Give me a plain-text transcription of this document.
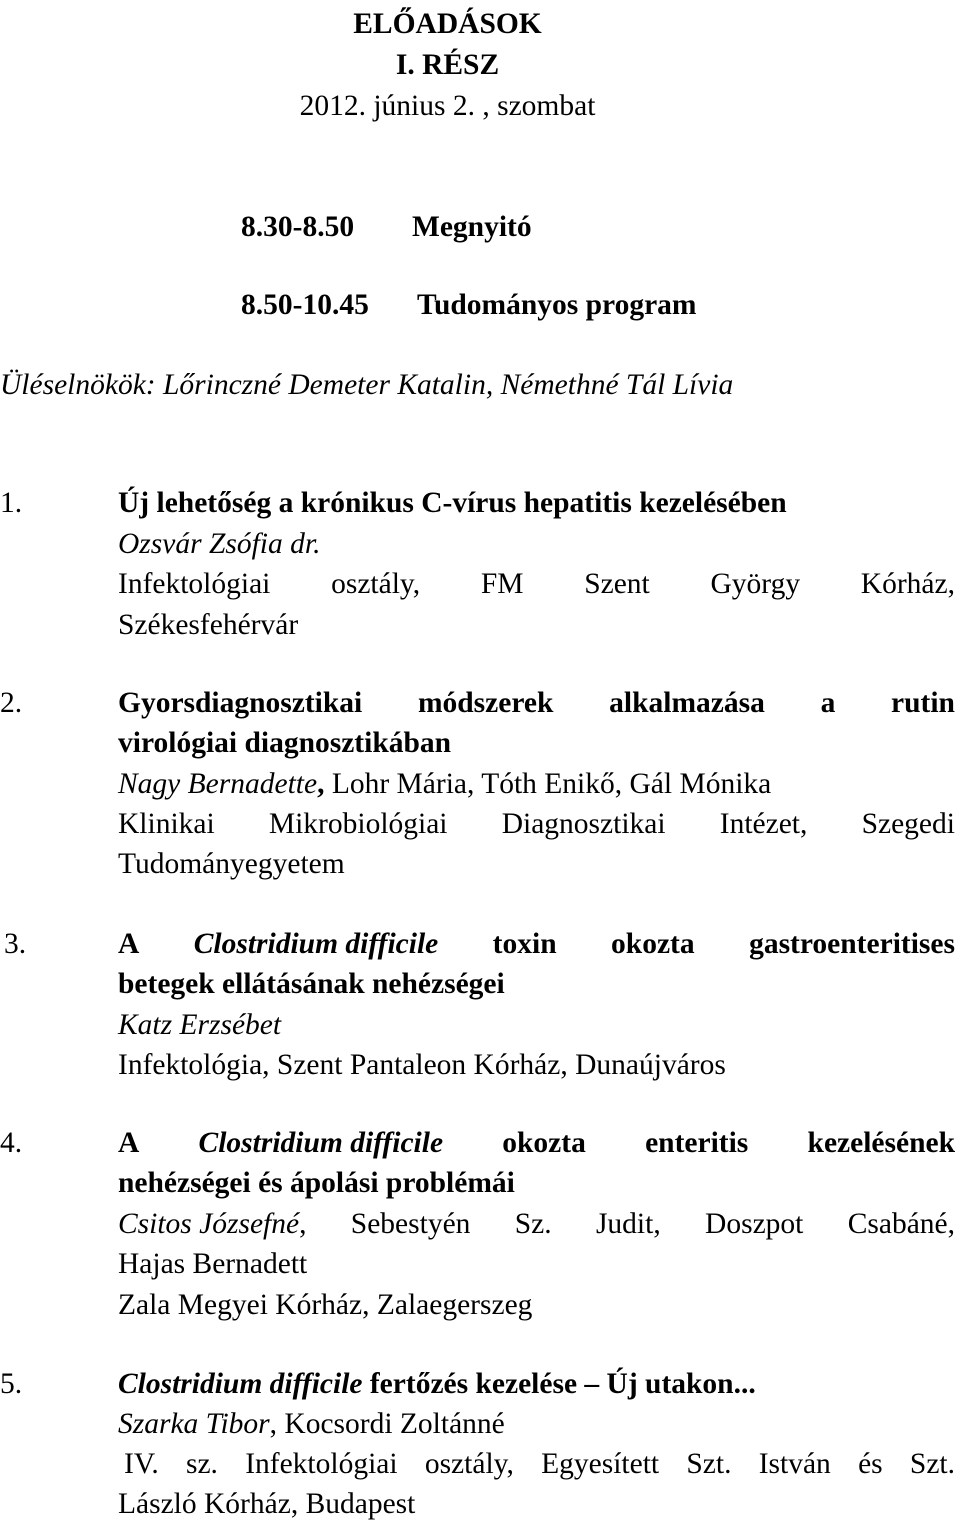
ELŐADÁSOK
I. RÉSZ
2012. június 2. , szombat
8.30-8.50 Megnyitó
8.50-10.45 Tudományos program
Üléselnökök: Lőrinczné Demeter Katalin, Némethné Tál Lívia
1.	Új lehetőség a krónikus C-vírus hepatitis kezelésében
Ozsvár Zsófia dr.
Infektológiai osztály, FM Szent György Kórház,
Székesfehérvár
2.	Gyorsdiagnosztikai módszerek alkalmazása a rutin
virológiai diagnosztikában
Nagy Bernadette, Lohr Mária, Tóth Enikő, Gál Mónika
Klinikai Mikrobiológiai Diagnosztikai Intézet, Szegedi
Tudományegyetem
3.	A Clostridium difficile toxin okozta gastroenteritises
betegek ellátásának nehézségei
Katz Erzsébet
Infektológia, Szent Pantaleon Kórház, Dunaújváros
4.	A Clostridium difficile okozta enteritis kezelésének
nehézségei és ápolási problémái
Csitos Józsefné, Sebestyén Sz. Judit, Doszpot Csabáné,
Hajas Bernadett
Zala Megyei Kórház, Zalaegerszeg
5.	Clostridium difficile fertőzés kezelése – Új utakon...
Szarka Tibor, Kocsordi Zoltánné
IV. sz. Infektológiai osztály, Egyesített Szt. István és Szt.
László Kórház, Budapest
